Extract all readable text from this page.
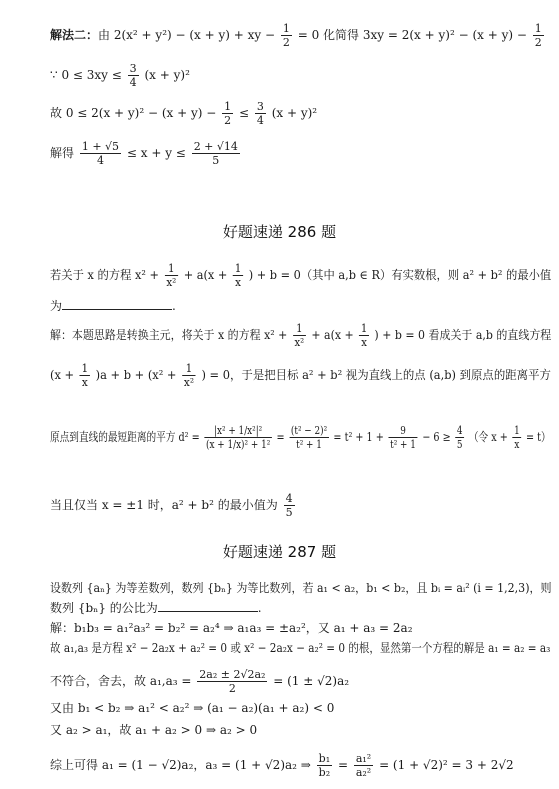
解法二：由 2(x² + y²) − (x + y) + xy − $\frac{1}{2} = 0$ 化简得 $3xy = 2(x + y)^2 - (x + y) - \frac{1}{2}$
∵ $0 \le 3xy \le \frac{3}{4} (x + y)^2$
故 $0 \le 2(x + y)^2 - (x + y) - \frac{1}{2} \le \frac{3}{4} (x + y)^2$
解得 $\frac{1 + √5}{4} \le x + y \le \frac{2 + √14}{5}$
好题速递 286 题
若关于 x 的方程 $x^2 + \frac{1}{\text{x²}} + a(x + \frac{1}{x}$ ) + b = 0（其中 a,b ∈ R）有实数根，则 a² + b² 的最小值
为	.
解：本题思路是转换主元，将关于 x 的方程 $x^2 + \frac{1}{\text{x²}} + a(x + \frac{1}{x}$ ) + b = 0 看成关于 a,b 的直线方程
$(x + \frac{1}{x} )a + b + (x^2 + \frac{1}{\text{x²}}$ ) = 0，于是把目标 a² + b² 视为直线上的点 (a,b) 到原点的距离平方
原点到直线的最短距离的平方 $d^2 = \frac{\text{|x² + 1/x²|²}}{\text{(x + 1/x)² + 1²}} = \frac{\text{(t² − 2)²}}{\text{t² + 1}} = t^2 + 1 + \frac{9}{\text{t² + 1}} - 6 \ge \frac{4}{5}$ （令 $x + \frac{1}{x} = t$）
当且仅当 x = ±1 时，a² + b² 的最小值为 $\frac{4}{5}$
好题速递 287 题
设数列 {aₙ} 为等差数列，数列 {bₙ} 为等比数列，若 a₁ < a₂，b₁ < b₂，且 bᵢ = aᵢ² (i = 1,2,3)，则
数列 {bₙ} 的公比为	.
解：b₁b₃ = a₁²a₃² = b₂² = a₂⁴ ⇒ a₁a₃ = ±a₂²，又 a₁ + a₃ = 2a₂
故 a₁,a₃ 是方程 x² − 2a₂x + a₂² = 0 或 x² − 2a₂x − a₂² = 0 的根，显然第一个方程的解是 a₁ = a₂ = a₃
不符合，舍去，故 $a_1,a_3 = \frac{\text{2a₂ ± 2√2a₂}}{2} = (1 \pm √2)a_2$
又由 b₁ < b₂ ⇒ a₁² < a₂² ⇒ (a₁ − a₂)(a₁ + a₂) < 0
又 a₂ > a₁，故 a₁ + a₂ > 0 ⇒ a₂ > 0
综上可得 a₁ = (1 − √2)a₂，a₃ = (1 + √2)a₂ ⇒ $\frac{\text{b₁}}{\text{b₂}} = \frac{\text{a₁²}}{\text{a₂²}} = (1 + √2)^2 = 3 + 2√2$
